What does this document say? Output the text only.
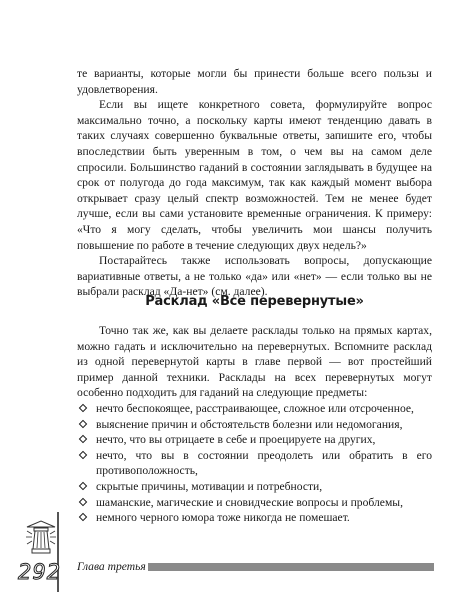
те варианты, которые могли бы принести больше всего пользы и удовлетворения.

Если вы ищете конкретного совета, формулируйте вопрос максимально точно, а поскольку карты имеют тенденцию давать в таких случаях совершенно буквальные ответы, запишите его, чтобы впоследствии быть уверенным в том, о чем вы на самом деле спросили. Большинство гаданий в состоянии заглядывать в будущее на срок от полугода до года максимум, так как каждый момент выбора открывает сразу целый спектр возможностей. Тем не менее будет лучше, если вы сами установите временные ограничения. К примеру: «Что я могу сделать, чтобы увеличить мои шансы получить повышение по работе в течение следующих двух недель?»

Постарайтесь также использовать вопросы, допускающие вариативные ответы, а не только «да» или «нет» — если только вы не выбрали расклад «Да-нет» (см. далее).

Расклад «Все перевернутые»

Точно так же, как вы делаете расклады только на прямых картах, можно гадать и исключительно на перевернутых. Вспомните расклад из одной перевернутой карты в главе первой — вот простейший пример данной техники. Расклады на всех перевернутых могут особенно подходить для гаданий на следующие предметы:

нечто беспокоящее, расстраивающее, сложное или отсроченное,
выяснение причин и обстоятельств болезни или недомогания,
нечто, что вы отрицаете в себе и проецируете на других,
нечто, что вы в состоянии преодолеть или обратить в его противоположность,
скрытые причины, мотивации и потребности,
шаманские, магические и сновидческие вопросы и проблемы,
немного черного юмора тоже никогда не помешает.
292 Глава третья
